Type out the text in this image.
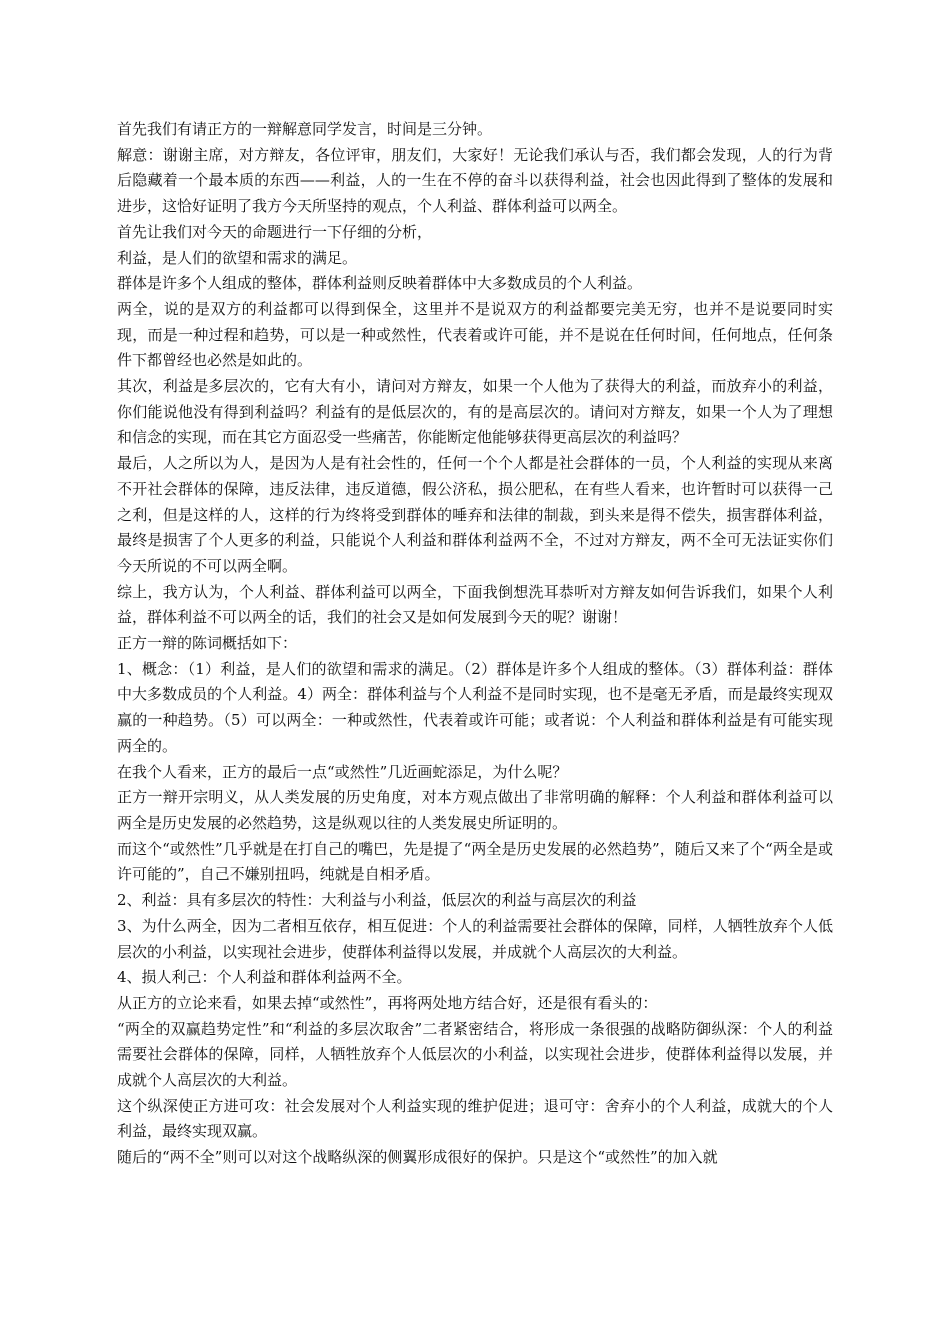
首先我们有请正方的一辩解意同学发言，时间是三分钟。

解意：谢谢主席，对方辩友，各位评审，朋友们，大家好！无论我们承认与否，我们都会发现，人的行为背后隐藏着一个最本质的东西——利益，人的一生在不停的奋斗以获得利益，社会也因此得到了整体的发展和进步，这恰好证明了我方今天所坚持的观点，个人利益、群体利益可以两全。

首先让我们对今天的命题进行一下仔细的分析，

利益，是人们的欲望和需求的满足。

群体是许多个人组成的整体，群体利益则反映着群体中大多数成员的个人利益。

两全，说的是双方的利益都可以得到保全，这里并不是说双方的利益都要完美无穷，也并不是说要同时实现，而是一种过程和趋势，可以是一种或然性，代表着或许可能，并不是说在任何时间，任何地点，任何条件下都曾经也必然是如此的。

其次，利益是多层次的，它有大有小，请问对方辩友，如果一个人他为了获得大的利益，而放弃小的利益，你们能说他没有得到利益吗？利益有的是低层次的，有的是高层次的。请问对方辩友，如果一个人为了理想和信念的实现，而在其它方面忍受一些痛苦，你能断定他能够获得更高层次的利益吗？

最后，人之所以为人，是因为人是有社会性的，任何一个个人都是社会群体的一员，个人利益的实现从来离不开社会群体的保障，违反法律，违反道德，假公济私，损公肥私，在有些人看来，也许暂时可以获得一己之利，但是这样的人，这样的行为终将受到群体的唾弃和法律的制裁，到头来是得不偿失，损害群体利益，最终是损害了个人更多的利益，只能说个人利益和群体利益两不全，不过对方辩友，两不全可无法证实你们今天所说的不可以两全啊。

综上，我方认为，个人利益、群体利益可以两全，下面我倒想洗耳恭听对方辩友如何告诉我们，如果个人利益，群体利益不可以两全的话，我们的社会又是如何发展到今天的呢？谢谢！

正方一辩的陈词概括如下：

1、概念：（1）利益，是人们的欲望和需求的满足。（2）群体是许多个人组成的整体。（3）群体利益：群体中大多数成员的个人利益。4）两全：群体利益与个人利益不是同时实现，也不是毫无矛盾，而是最终实现双赢的一种趋势。（5）可以两全：一种或然性，代表着或许可能；或者说：个人利益和群体利益是有可能实现两全的。

在我个人看来，正方的最后一点“或然性”几近画蛇添足，为什么呢？

正方一辩开宗明义，从人类发展的历史角度，对本方观点做出了非常明确的解释：个人利益和群体利益可以两全是历史发展的必然趋势，这是纵观以往的人类发展史所证明的。

而这个“或然性”几乎就是在打自己的嘴巴，先是提了“两全是历史发展的必然趋势”，随后又来了个“两全是或许可能的”，自己不嫌别扭吗，纯就是自相矛盾。

2、利益：具有多层次的特性：大利益与小利益，低层次的利益与高层次的利益

3、为什么两全，因为二者相互依存，相互促进：个人的利益需要社会群体的保障，同样，人牺牲放弃个人低层次的小利益，以实现社会进步，使群体利益得以发展，并成就个人高层次的大利益。

4、损人利己：个人利益和群体利益两不全。

从正方的立论来看，如果去掉“或然性”，再将两处地方结合好，还是很有看头的：

“两全的双赢趋势定性”和“利益的多层次取舍”二者紧密结合，将形成一条很强的战略防御纵深：个人的利益需要社会群体的保障，同样，人牺牲放弃个人低层次的小利益，以实现社会进步，使群体利益得以发展，并成就个人高层次的大利益。

这个纵深使正方进可攻：社会发展对个人利益实现的维护促进；退可守：舍弃小的个人利益，成就大的个人利益，最终实现双赢。

随后的“两不全”则可以对这个战略纵深的侧翼形成很好的保护。只是这个“或然性”的加入就
